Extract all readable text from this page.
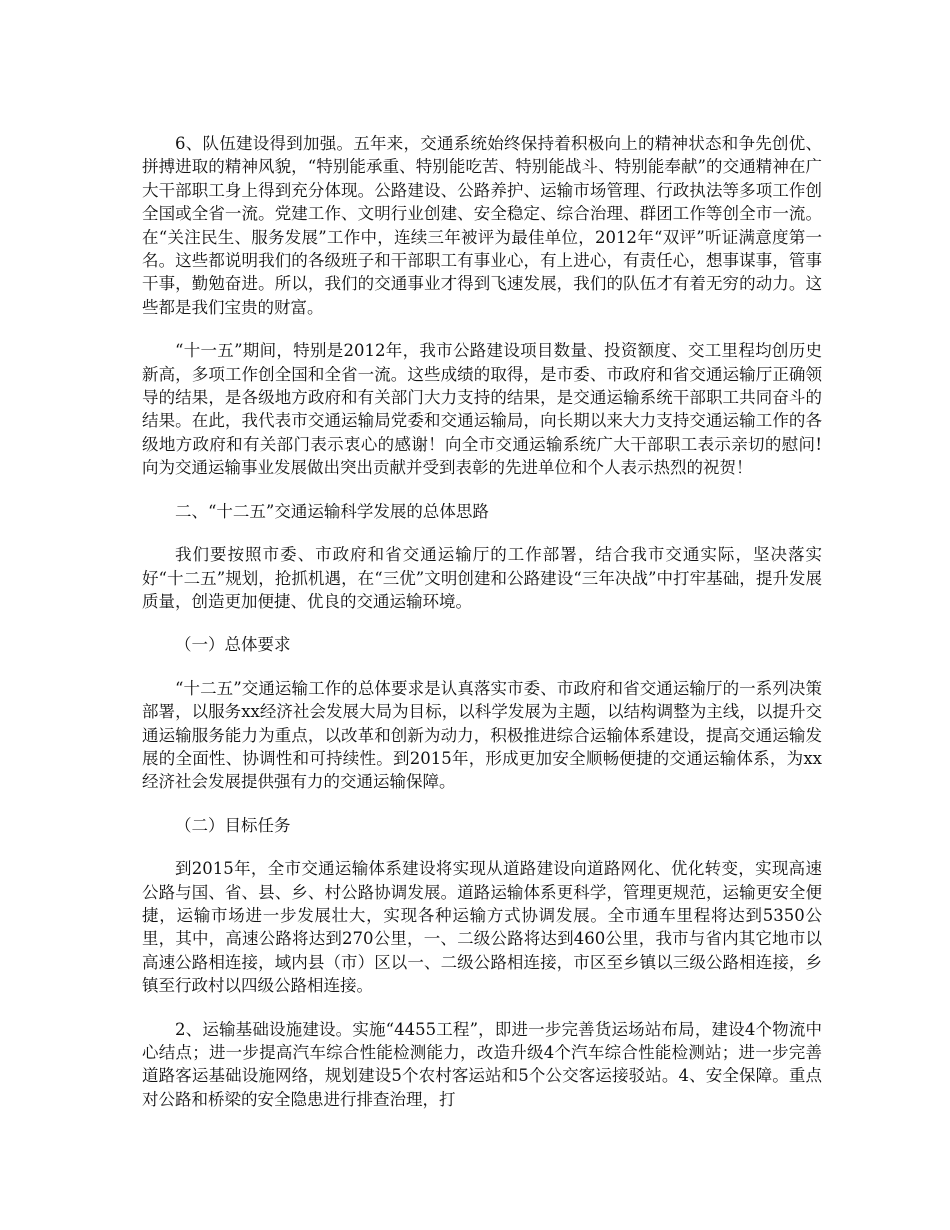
6、队伍建设得到加强。五年来，交通系统始终保持着积极向上的精神状态和争先创优、拼搏进取的精神风貌，“特别能承重、特别能吃苦、特别能战斗、特别能奉献”的交通精神在广大干部职工身上得到充分体现。公路建设、公路养护、运输市场管理、行政执法等多项工作创全国或全省一流。党建工作、文明行业创建、安全稳定、综合治理、群团工作等创全市一流。在“关注民生、服务发展”工作中，连续三年被评为最佳单位，2012年“双评”听证满意度第一名。这些都说明我们的各级班子和干部职工有事业心，有上进心，有责任心，想事谋事，管事干事，勤勉奋进。所以，我们的交通事业才得到飞速发展，我们的队伍才有着无穷的动力。这些都是我们宝贵的财富。

“十一五”期间，特别是2012年，我市公路建设项目数量、投资额度、交工里程均创历史新高，多项工作创全国和全省一流。这些成绩的取得，是市委、市政府和省交通运输厅正确领导的结果，是各级地方政府和有关部门大力支持的结果，是交通运输系统干部职工共同奋斗的结果。在此，我代表市交通运输局党委和交通运输局，向长期以来大力支持交通运输工作的各级地方政府和有关部门表示衷心的感谢！向全市交通运输系统广大干部职工表示亲切的慰问!向为交通运输事业发展做出突出贡献并受到表彰的先进单位和个人表示热烈的祝贺！

二、“十二五”交通运输科学发展的总体思路

我们要按照市委、市政府和省交通运输厅的工作部署，结合我市交通实际，坚决落实好“十二五”规划，抢抓机遇，在“三优”文明创建和公路建设“三年决战”中打牢基础，提升发展质量，创造更加便捷、优良的交通运输环境。

（一）总体要求

“十二五”交通运输工作的总体要求是认真落实市委、市政府和省交通运输厅的一系列决策部署，以服务xx经济社会发展大局为目标，以科学发展为主题，以结构调整为主线，以提升交通运输服务能力为重点，以改革和创新为动力，积极推进综合运输体系建设，提高交通运输发展的全面性、协调性和可持续性。到2015年，形成更加安全顺畅便捷的交通运输体系，为xx经济社会发展提供强有力的交通运输保障。

（二）目标任务

到2015年，全市交通运输体系建设将实现从道路建设向道路网化、优化转变，实现高速公路与国、省、县、乡、村公路协调发展。道路运输体系更科学，管理更规范，运输更安全便捷，运输市场进一步发展壮大，实现各种运输方式协调发展。全市通车里程将达到5350公里，其中，高速公路将达到270公里，一、二级公路将达到460公里，我市与省内其它地市以高速公路相连接，域内县（市）区以一、二级公路相连接，市区至乡镇以三级公路相连接，乡镇至行政村以四级公路相连接。

2、运输基础设施建设。实施“4455工程”，即进一步完善货运场站布局，建设4个物流中心结点；进一步提高汽车综合性能检测能力，改造升级4个汽车综合性能检测站；进一步完善道路客运基础设施网络，规划建设5个农村客运站和5个公交客运接驳站。4、安全保障。重点对公路和桥梁的安全隐患进行排查治理，打
